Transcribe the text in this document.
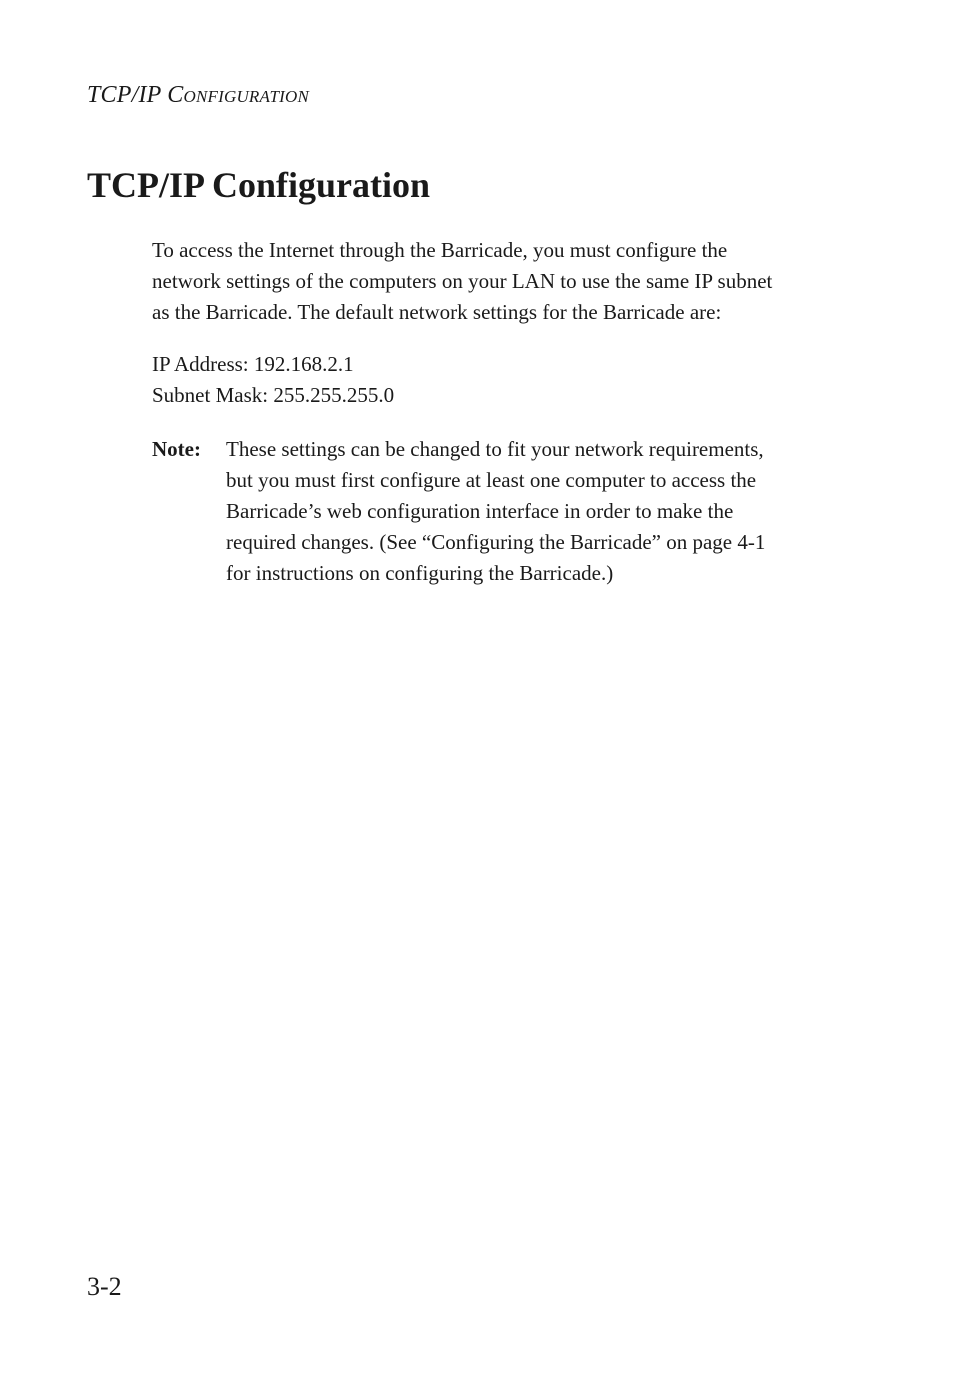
TCP/IP CONFIGURATION
TCP/IP Configuration
To access the Internet through the Barricade, you must configure the
network settings of the computers on your LAN to use the same IP subnet
as the Barricade. The default network settings for the Barricade are:
IP Address: 192.168.2.1
Subnet Mask: 255.255.255.0
Note: These settings can be changed to fit your network requirements,
but you must first configure at least one computer to access the
Barricade’s web configuration interface in order to make the
required changes. (See “Configuring the Barricade” on page 4-1
for instructions on configuring the Barricade.)
3-2
